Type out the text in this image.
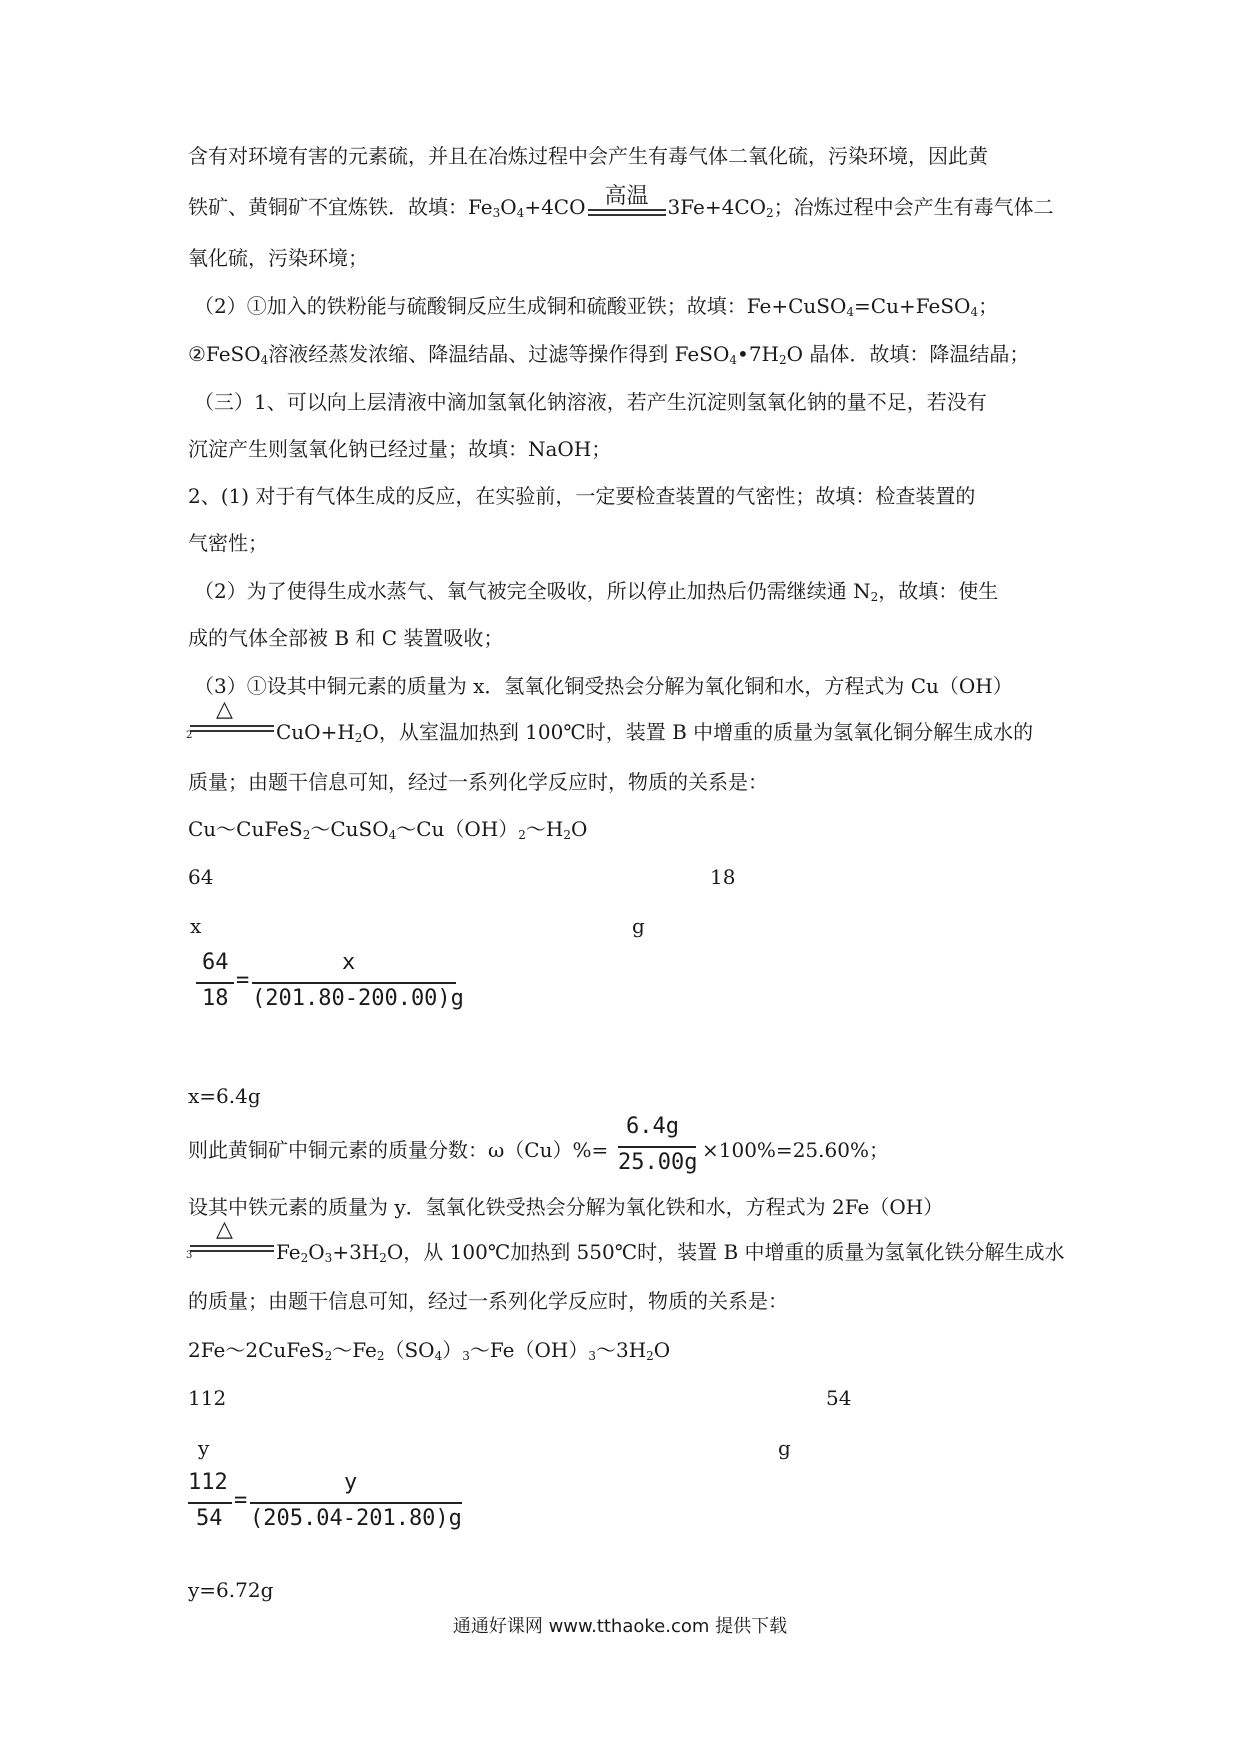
含有对环境有害的元素硫，并且在冶炼过程中会产生有毒气体二氧化硫，污染环境，因此黄
铁矿、黄铜矿不宜炼铁．故填：$Fe_3O_4+4CO$ 高温 $3Fe+4CO_2$；冶炼过程中会产生有毒气体二
氧化硫，污染环境；
（2）①加入的铁粉能与硫酸铜反应生成铜和硫酸亚铁；故填：Fe+CuSO$_4$=Cu+FeSO$_4$；
②FeSO$_4$溶液经蒸发浓缩、降温结晶、过滤等操作得到 $FeSO_4•7H_2O$ 晶体．故填：降温结晶；
（三）1、可以向上层清液中滴加氢氧化钠溶液，若产生沉淀则氢氧化钠的量不足，若没有
沉淀产生则氢氧化钠已经过量；故填：NaOH；
2、(1) 对于有气体生成的反应，在实验前，一定要检查装置的气密性；故填：检查装置的
气密性；
（2）为了使得生成水蒸气、氧气被完全吸收，所以停止加热后仍需继续通 $N_2$，故填：使生
成的气体全部被 B 和 C 装置吸收；
（3）①设其中铜元素的质量为 x．氢氧化铜受热会分解为氧化铜和水，方程式为 Cu（OH）
△
2	$CuO+H_2O$，从室温加热到 100℃时，装置 B 中增重的质量为氢氧化铜分解生成水的
质量；由题干信息可知，经过一系列化学反应时，物质的关系是：
$Cu\sim CuFeS_2\sim CuSO_4\sim Cu(OH)_2\sim H_2O$
64	18
x	g
64
18
=
x
(201.80-200.00)g
x=6.4g
则此黄铜矿中铜元素的质量分数：ω（Cu）%=
6.4g
25.00g ×100%=25.60%；
设其中铁元素的质量为 y．氢氧化铁受热会分解为氧化铁和水，方程式为 2Fe（OH）
△
3	$Fe_2O_3+3H_2O$，从 100℃加热到 550℃时，装置 B 中增重的质量为氢氧化铁分解生成水
的质量；由题干信息可知，经过一系列化学反应时，物质的关系是：
$2Fe\sim 2CuFeS_2\sim Fe_2(SO_4)_3\sim Fe(OH)_3\sim 3H_2O$
112	54
y	g
112
54
=
y
(205.04-201.80)g
y=6.72g
通通好课网 www.tthaoke.com 提供下载
